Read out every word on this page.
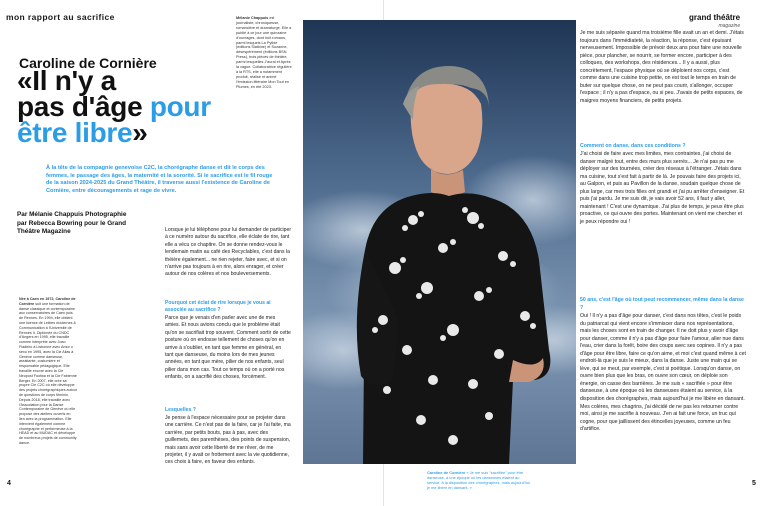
mon rapport au sacrifice	grand théâtre
magazine
Mélanie Chappuis est journaliste, chroniqueuse, romancière et dramaturge. Elle a publié à ce jour une quinzaine d'ouvrages, dont huit romans, parmi lesquels La Pythie (éditions Slatkine) et Suzanne, désespérément (éditions BSN Press), trois pièces de théâtre, parmi lesquelles J'aurai et Après la vague. Collaboratrice régulière à la RTS, elle a notamment produit, réalisé et animé l'émission littéraire Mon Tout en Plumes, en été 2023.
Caroline de Cornière
«Il n'y a
pas d'âge pour
être libre»
À la tête de la compagnie genevoise C2C, la chorégraphe danse et dit le corps des femmes, le passage des âges, la maternité et la sororité. Si le sacrifice est le fil rouge de la saison 2024-2025 du Grand Théâtre, il traverse aussi l'existence de Caroline de Cornière, entre découragements et rage de vivre.
Par Mélanie Chappuis Photographie par Rebecca Bowring pour le Grand Théâtre Magazine	Lorsque je lui téléphone pour lui demander de participer à ce numéro autour du sacrifice, elle éclate de rire, tant elle a vécu ce chapitre. On se donne rendez-vous le lendemain matin au café des Recyclables, c'est dans la théière également... ne rien rejeter, faire avec, et si on n'arrive pas toujours à en rire, alors enrager, et créer autour de nos colères et nos bouleversements.
Née à Caen en 1972, Caroline de Cornière suit une formation de danse classique et contemporaine aux conservatoires de Caen puis de Rennes. En 1994, elle obtient une licence de Lettres modernes & Communication à l'Université de Rennes II. Diplômée du CNDC d'Angers en 1995, elle travaille comme interprète avec Joao Fiadeiro à Lisbonne avec Amor o sexo en 1995, avec la Cie Alias à Genève comme danseuse, assistante, costumière et responsable pédagogique. Elle travaille encore avec la Cie Neopost Foofwa et la Cie Fabienne Berger. En 2007, elle crée sa propre Cie C2C où elle développe des projets chorégraphiques autour de questions de corps féminin. Depuis 2018, elle travaille avec l'Association pour la Danse Contemporaine de Genève où elle propose des ateliers ouverts en lien avec la programmation. Elle intervient également comme chorégraphe et performeuse à la HEAD et au MUDAC et développe de nombreux projets de community dance.
Pourquoi cet éclat de rire lorsque je vous ai associée au sacrifice ?
Parce que je venais d'en parler avec une de mes amies. Et nous avions conclu que le problème était qu'on se sacrifiait trop souvent. Comment sortir de cette posture où on endosse tellement de choses qu'on en arrive à s'oublier, en tant que femme en général, en tant que danseuse, du moins lors de mes jeunes années, en tant que mère, pilier de nos enfants, seul pilier dans mon cas. Tout ce temps où on a porté nos enfants, on a sacrifié des choses, forcément.
Lesquelles ?
Je pense à l'espace nécessaire pour se projeter dans une carrière. Ce n'est pas de la faire, car je l'ai faite, ma carrière, par petits bouts, pas à pas, avec des guillemets, des parenthèses, des points de suspension, mais sans avoir cette liberté de me rêver, de me projeter, il y avait ce frottement avec la vie quotidienne, ces choix à faire, en faveur des enfants.
4	5
Caroline de Cornière « Je me suis "sacrifiée" pour être danseuse, à une époque où les danseuses étaient au service, à la disposition des chorégraphes, mais aujourd'hui je me libère en dansant. »
Je me suis séparée quand ma troisième fille avait un an et demi. J'étais toujours dans l'immédiateté, la réaction, la réponse, c'est épuisant nerveusement. Impossible de prévoir deux ans pour faire une nouvelle pièce, pour plancher, se nourrir, se former encore, participer à des colloques, des workshops, des résidences... Il y a aussi, plus concrètement, l'espace physique où se déploient nos corps, c'est comme dans une cuisine trop petite, on est tout le temps en train de buter sur quelque chose, on ne peut pas courir, s'allonger, occuper l'espace ; il n'y a pas d'espace, ou si peu. J'avais de petits espaces, de maigres moyens financiers, de petits projets.
Comment on danse, dans ces conditions ?
J'ai choisi de faire avec mes limites, mes contraintes, j'ai choisi de danser malgré tout, entre des murs plus serrés... Je n'ai pas pu me déployer sur des tournées, créer des réseaux à l'étranger. J'étais dans ma cuisine, tout s'est fait à partir de là. Je pouvais faire des projets ici, au Galpon, et puis au Pavillon de la danse, soudain quelque chose de plus large, car mes trois filles ont grandi et j'ai pu arrêter d'enseigner. Et puis j'ai pardu. Je me suis dit, je vais avoir 52 ans, il faut y aller, maintenant ! C'est une dynamique. J'ai plus de temps, je peux être plus proactive, ce qui ouvre des portes. Maintenant on vient me chercher et je peux répondre oui !
50 ans, c'est l'âge où tout peut recommencer, même dans la danse ?
Oui ! Il n'y a pas d'âge pour danser, c'est dans nos têtes, c'est le poids du patriarcat qui vient encore s'immiscer dans nos représentations, mais les choses sont en train de changer. Il ne doit plus y avoir d'âge pour danser, comme il n'y a pas d'âge pour faire l'amour, aller nue dans l'eau, crier dans la forêt, boire des coups avec ses copines. Il n'y a pas d'âge pour être libre, faire ce qu'on aime, et moi c'est quand même à cet endroit-là que je suis le mieux, dans la danse. Juste une main qui se lève, qui se meut, par exemple, c'est si poétique. Lorsqu'on danse, on ouvre bien plus que les bras, on ouvre son cœur, on déploie son énergie, on casse des barrières. Je me suis « sacrifiée » pour être danseuse, à une époque où les danseuses étaient au service, à la disposition des chorégraphes, mais aujourd'hui je me libère en dansant. Mes colères, mes chagrins, j'ai décidé de ne pas les retourner contre moi, ainsi je me sacrifie à nouveau. J'en ai fait une force, un truc qui cogne, pour que jaillissent des étincelles joyeuses, comme un feu d'artifice.
